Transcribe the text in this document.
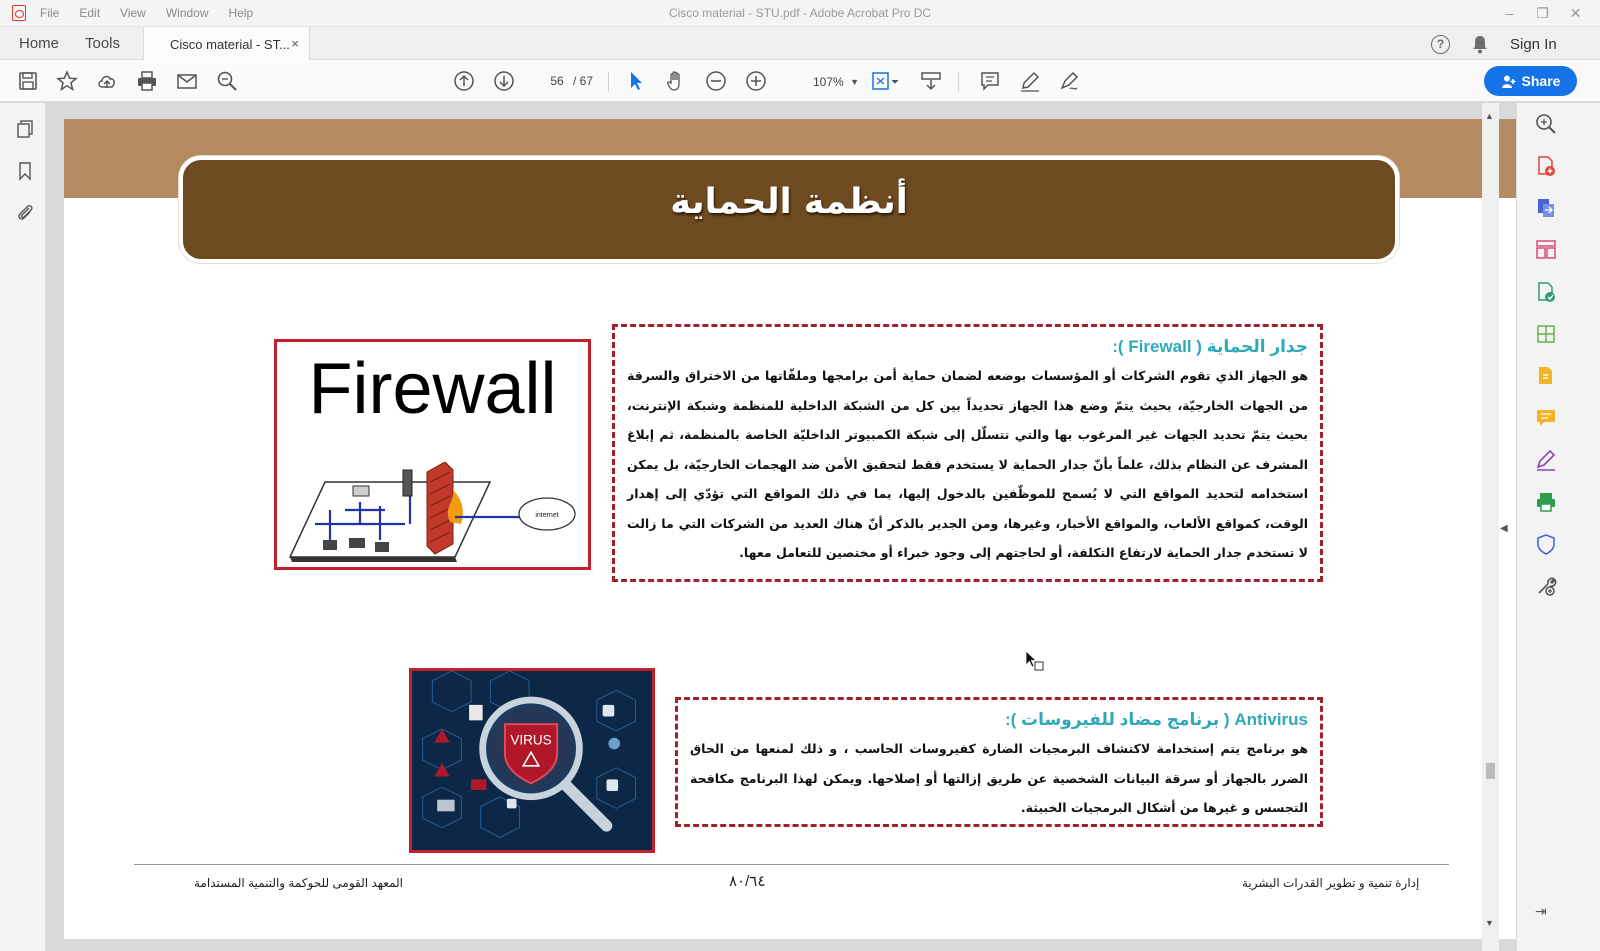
File Edit View Window Help	Cisco material - STU.pdf - Adobe Acrobat Pro DC	–	❐	✕
Home Tools	Cisco material - ST... ×	?	Sign In
56 / 67	107% ▼	Share
أنظمة الحماية
Firewall
internet
جدار الحماية ( Firewall ):
هو الجهاز الذي تقوم الشركات أو المؤسسات بوضعه لضمان حماية أمن برامجها وملفّاتها من الاختراق والسرقة من الجهات الخارجيّة، بحيث يتمّ وضع هذا الجهاز تحديداً بين كل من الشبكة الداخلية للمنظمة وشبكة الإنترنت، بحيث يتمّ تحديد الجهات غير المرغوب بها والتي تتسلّل إلى شبكة الكمبيوتر الداخليّة الخاصة بالمنظمة، ثم إبلاغ المشرف عن النظام بذلك، علماً بأنّ جدار الحماية لا يستخدم فقط لتحقيق الأمن ضد الهجمات الخارجيّة، بل يمكن استخدامه لتحديد المواقع التي لا يُسمح للموظّفين بالدخول إليها، بما في ذلك المواقع التي تؤدّي إلى إهدار الوقت، كمواقع الألعاب، والمواقع الأخبار، وغيرها، ومن الجدير بالذكر أنّ هناك العديد من الشركات التي ما زالت لا تستخدم جدار الحماية لارتفاع التكلفة، أو لحاجتهم إلى وجود خبراء أو مختصين للتعامل معها.
VIRUS
Antivirus ( برنامج مضاد للفيروسات ):
هو برنامج يتم إستخدامة لاكتشاف البرمجيات الضارة كفيروسات الحاسب ، و ذلك لمنعها من الحاق الضرر بالجهاز أو سرقة البيانات الشخصية عن طريق إزالتها أو إصلاحها. ويمكن لهذا البرنامج مكافحة التجسس و غيرها من أشكال البرمجيات الخبيثة.
المعهد القومى للحوكمة والتنمية المستدامة	٨٠/٦٤	إدارة تنمية و تطوير القدرات البشرية
▲
▼
◀
⇥
